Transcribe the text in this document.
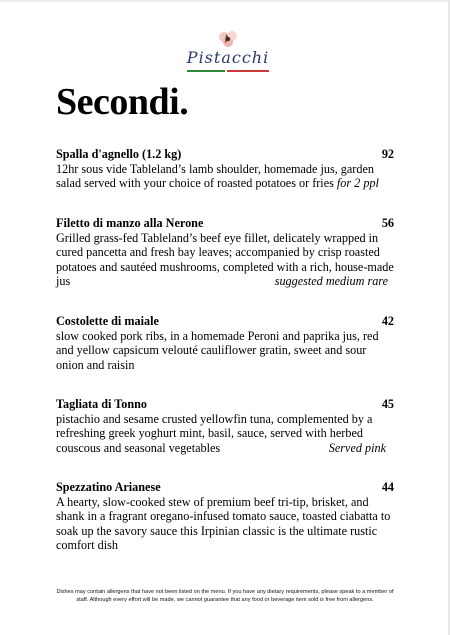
Pistacchi
Secondi.
Spalla d'agnello (1.2 kg)	92
12hr sous vide Tableland’s lamb shoulder, homemade jus, garden salad served with your choice of roasted potatoes or fries for 2 ppl
Filetto di manzo alla Nerone	56
Grilled grass-fed Tableland’s beef eye fillet, delicately wrapped in cured pancetta and fresh bay leaves; accompanied by crisp roasted potatoes and sautéed mushrooms, completed with a rich, house-made jus	suggested medium rare
Costolette di maiale	42
slow cooked pork ribs, in a homemade Peroni and paprika jus, red and yellow capsicum velouté cauliflower gratin, sweet and sour onion and raisin
Tagliata di Tonno	45
pistachio and sesame crusted yellowfin tuna, complemented by a refreshing greek yoghurt mint, basil, sauce, served with herbed couscous and seasonal vegetables	Served pink
Spezzatino Arianese	44
A hearty, slow-cooked stew of premium beef tri-tip, brisket, and shank in a fragrant oregano-infused tomato sauce, toasted ciabatta to soak up the savory sauce this Irpinian classic is the ultimate rustic comfort dish
Dishes may contain allergens that have not been listed on the menu. If you have any dietary requirements, please speak to a member of staff. Although every effort will be made, we cannot guarantee that any food or beverage item sold is free from allergens.
